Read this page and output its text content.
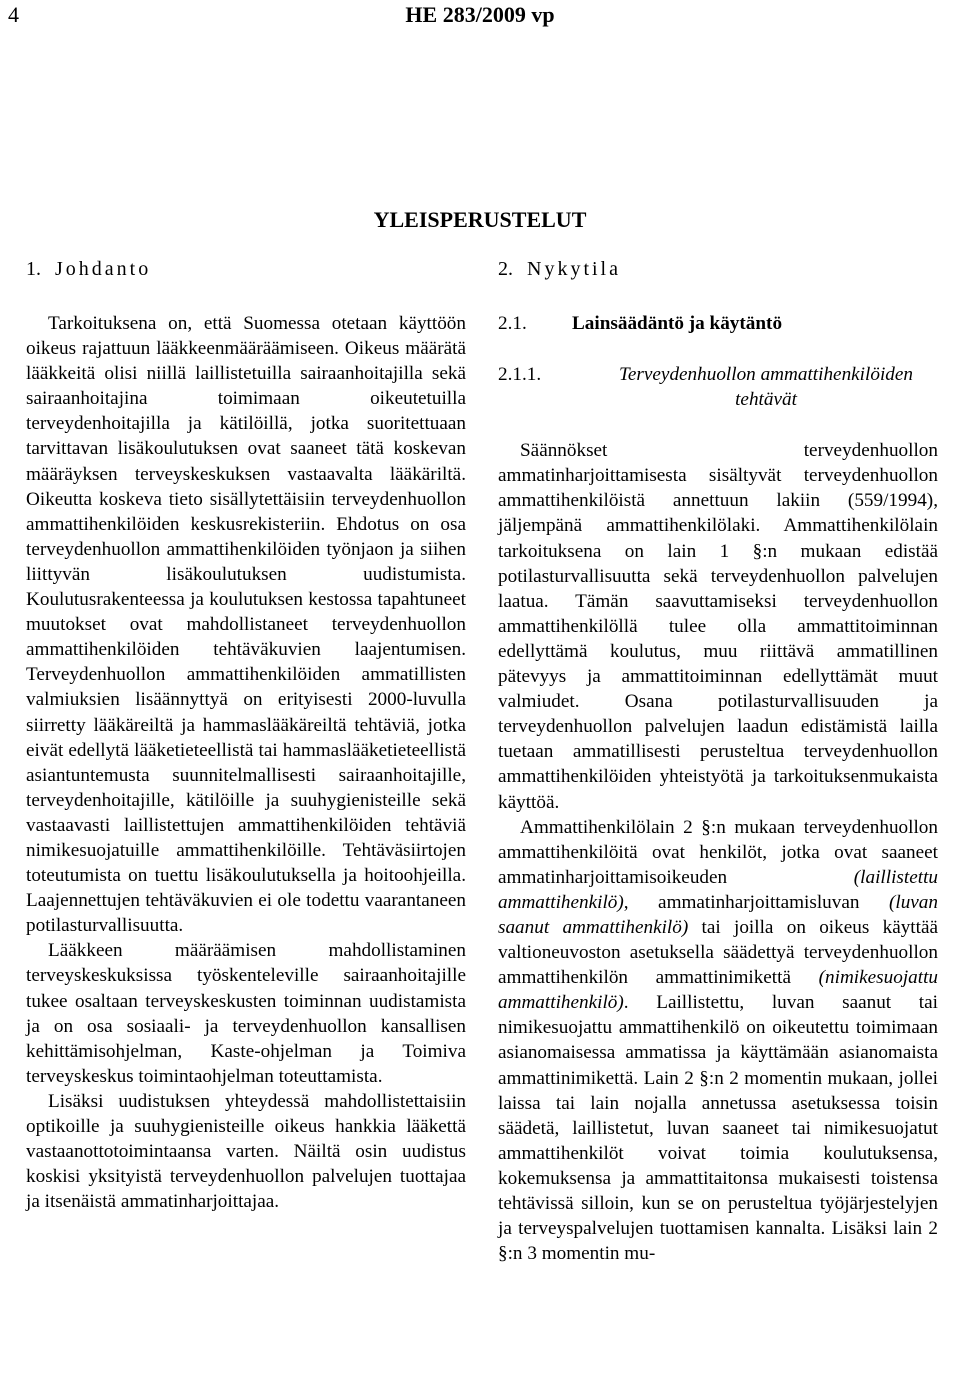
4	HE 283/2009 vp
YLEISPERUSTELUT
1. Johdanto

Tarkoituksena on, että Suomessa otetaan käyttöön oikeus rajattuun lääkkeenmääräämiseen. Oikeus määrätä lääkkeitä olisi niillä laillistetuilla sairaanhoitajilla sekä sairaanhoitajina toimimaan oikeutetuilla terveydenhoitajilla ja kätilöillä, jotka suoritettuaan tarvittavan lisäkoulutuksen ovat saaneet tätä koskevan määräyksen terveyskeskuksen vastaavalta lääkäriltä. Oikeutta koskeva tieto sisällytettäisiin terveydenhuollon ammattihenkilöiden keskusrekisteriin. Ehdotus on osa terveydenhuollon ammattihenkilöiden työnjaon ja siihen liittyvän lisäkoulutuksen uudistumista. Koulutusrakenteessa ja koulutuksen kestossa tapahtuneet muutokset ovat mahdollistaneet terveydenhuollon ammattihenkilöiden tehtäväkuvien laajentumisen. Terveydenhuollon ammattihenkilöiden ammatillisten valmiuksien lisäännyttyä on erityisesti 2000-luvulla siirretty lääkäreiltä ja hammaslääkäreiltä tehtäviä, jotka eivät edellytä lääketieteellistä tai hammaslääketieteellistä asiantuntemusta suunnitelmallisesti sairaanhoitajille, terveydenhoitajille, kätilöille ja suuhygienisteille sekä vastaavasti laillistettujen ammattihenkilöiden tehtäviä nimikesuojatuille ammattihenkilöille. Tehtäväsiirtojen toteutumista on tuettu lisäkoulutuksella ja hoitoohjeilla. Laajennettujen tehtäväkuvien ei ole todettu vaarantaneen potilasturvallisuutta.

Lääkkeen määräämisen mahdollistaminen terveyskeskuksissa työskenteleville sairaanhoitajille tukee osaltaan terveyskeskusten toiminnan uudistamista ja on osa sosiaali- ja terveydenhuollon kansallisen kehittämisohjelman, Kaste-ohjelman ja Toimiva terveyskeskus toimintaohjelman toteuttamista.

Lisäksi uudistuksen yhteydessä mahdollistettaisiin optikoille ja suuhygienisteille oikeus hankkia lääkettä vastaanottotoimintaansa varten. Näiltä osin uudistus koskisi yksityistä terveydenhuollon palvelujen tuottajaa ja itsenäistä ammatinharjoittajaa.

2. Nykytila
2.1. Lainsäädäntö ja käytäntö
2.1.1.	Terveydenhuollon ammattihenkilöiden tehtävät

Säännökset terveydenhuollon ammatinharjoittamisesta sisältyvät terveydenhuollon ammattihenkilöistä annettuun lakiin (559/1994), jäljempänä ammattihenkilölaki. Ammattihenkilölain tarkoituksena on lain 1 §:n mukaan edistää potilasturvallisuutta sekä terveydenhuollon palvelujen laatua. Tämän saavuttamiseksi terveydenhuollon ammattihenkilöllä tulee olla ammattitoiminnan edellyttämä koulutus, muu riittävä ammatillinen pätevyys ja ammattitoiminnan edellyttämät muut valmiudet. Osana potilasturvallisuuden ja terveydenhuollon palvelujen laadun edistämistä lailla tuetaan ammatillisesti perusteltua terveydenhuollon ammattihenkilöiden yhteistyötä ja tarkoituksenmukaista käyttöä.

Ammattihenkilölain 2 §:n mukaan terveydenhuollon ammattihenkilöitä ovat henkilöt, jotka ovat saaneet ammatinharjoittamisoikeuden (laillistettu ammattihenkilö), ammatinharjoittamisluvan (luvan saanut ammattihenkilö) tai joilla on oikeus käyttää valtioneuvoston asetuksella säädettyä terveydenhuollon ammattihenkilön ammattinimikettä (nimikesuojattu ammattihenkilö). Laillistettu, luvan saanut tai nimikesuojattu ammattihenkilö on oikeutettu toimimaan asianomaisessa ammatissa ja käyttämään asianomaista ammattinimikettä. Lain 2 §:n 2 momentin mukaan, jollei laissa tai lain nojalla annetussa asetuksessa toisin säädetä, laillistetut, luvan saaneet tai nimikesuojatut ammattihenkilöt voivat toimia koulutuksensa, kokemuksensa ja ammattitaitonsa mukaisesti toistensa tehtävissä silloin, kun se on perusteltua työjärjestelyjen ja terveyspalvelujen tuottamisen kannalta. Lisäksi lain 2 §:n 3 momentin mu-
